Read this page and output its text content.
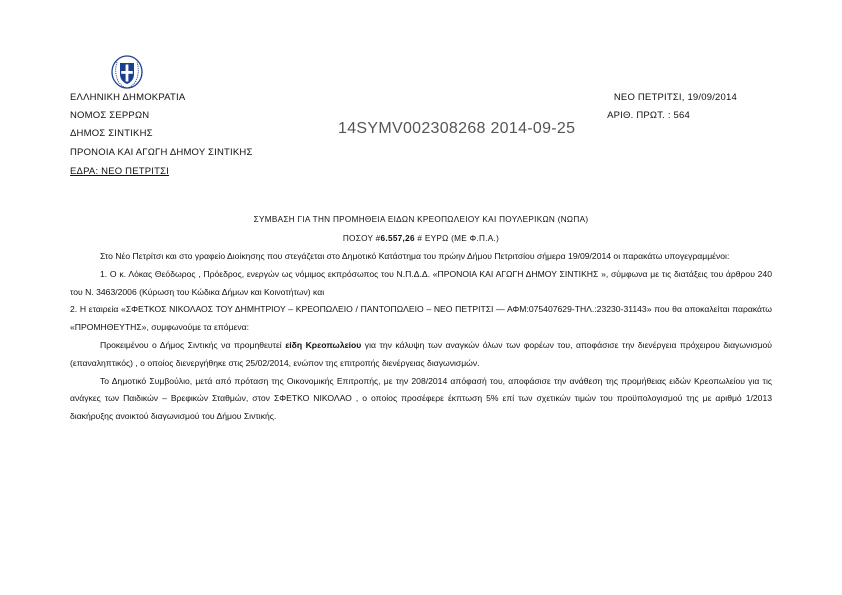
ΕΛΛΗΝΙΚΗ ΔΗΜΟΚΡΑΤΙΑ
ΝΟΜΟΣ ΣΕΡΡΩΝ
ΔΗΜΟΣ ΣΙΝΤΙΚΗΣ
ΠΡΟΝΟΙΑ ΚΑΙ ΑΓΩΓΗ ΔΗΜΟΥ ΣΙΝΤΙΚΗΣ
ΕΔΡΑ: ΝΕΟ ΠΕΤΡΙΤΣΙ
ΝΕΟ ΠΕΤΡΙΤΣΙ, 19/09/2014
ΑΡΙΘ. ΠΡΩΤ. : 564
14SYMV002308268 2014-09-25
ΣΥΜΒΑΣΗ ΓΙΑ ΤΗΝ ΠΡΟΜΗΘΕΙΑ ΕΙΔΩΝ ΚΡΕΟΠΩΛΕΙΟΥ ΚΑΙ ΠΟΥΛΕΡΙΚΩΝ (ΝΩΠΑ)
ΠΟΣΟΥ #6.557,26 # ΕΥΡΩ (ΜΕ Φ.Π.Α.)

Στο Νέο Πετρίτσι και στο γραφείο Διοίκησης που στεγάζεται στο Δημοτικό Κατάστημα του πρώην Δήμου Πετριτσίου σήμερα 19/09/2014 οι παρακάτω υπογεγραμμένοι:

1. Ο κ. Λόκας Θεόδωρος , Πρόεδρος, ενεργών ως νόμιμος εκπρόσωπος του Ν.Π.Δ.Δ. «ΠΡΟΝΟΙΑ ΚΑΙ ΑΓΩΓΗ ΔΗΜΟΥ ΣΙΝΤΙΚΗΣ », σύμφωνα με τις διατάξεις του άρθρου 240 του Ν. 3463/2006 (Κύρωση του Κώδικα Δήμων και Κοινοτήτων) και

2. Η εταιρεία «ΣΦΕΤΚΟΣ ΝΙΚΟΛΑΟΣ ΤΟΥ ΔΗΜΗΤΡΙΟΥ – ΚΡΕΟΠΩΛΕΙΟ / ΠΑΝΤΟΠΩΛΕΙΟ – ΝΕΟ ΠΕΤΡΙΤΣΙ — ΑΦΜ:075407629-ΤΗΛ.:23230-31143» που θα αποκαλείται παρακάτω «ΠΡΟΜΗΘΕΥΤΗΣ», συμφωνούμε τα επόμενα:

Προκειμένου ο Δήμος Σιντικής να προμηθευτεί είδη Κρεοπωλείου για την κάλυψη των αναγκών όλων των φορέων του, αποφάσισε την διενέργεια πρόχειρου διαγωνισμού (επαναληπτικός) , ο οποίος διενεργήθηκε στις 25/02/2014, ενώπον της επιτροπής διενέργειας διαγωνισμών.

Το Δημοτικό Συμβούλιο, μετά από πρόταση της Οικονομικής Επιτροπής, με την 208/2014 απόφασή του, αποφάσισε την ανάθεση της προμήθειας ειδών Κρεοπωλείου για τις ανάγκες των Παιδικών – Βρεφικών Σταθμών, στον ΣΦΕΤΚΟ ΝΙΚΟΛΑΟ , ο οποίος προσέφερε έκπτωση 5% επί των σχετικών τιμών του προϋπολογισμού της με αριθμό 1/2013 διακήρυξης ανοικτού διαγωνισμού του Δήμου Σιντικής.
